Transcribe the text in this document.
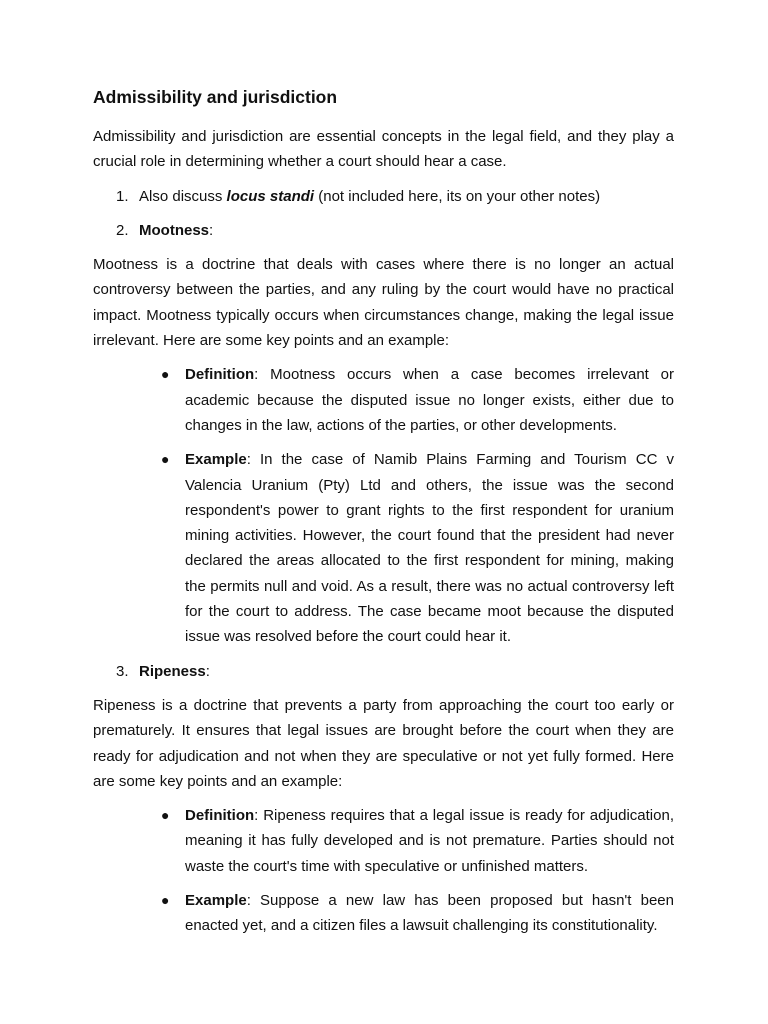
Admissibility and jurisdiction

Admissibility and jurisdiction are essential concepts in the legal field, and they play a crucial role in determining whether a court should hear a case.

1. Also discuss locus standi (not included here, its on your other notes)
2. Mootness:

Mootness is a doctrine that deals with cases where there is no longer an actual controversy between the parties, and any ruling by the court would have no practical impact. Mootness typically occurs when circumstances change, making the legal issue irrelevant. Here are some key points and an example:

● Definition: Mootness occurs when a case becomes irrelevant or academic because the disputed issue no longer exists, either due to changes in the law, actions of the parties, or other developments.
● Example: In the case of Namib Plains Farming and Tourism CC v Valencia Uranium (Pty) Ltd and others, the issue was the second respondent's power to grant rights to the first respondent for uranium mining activities. However, the court found that the president had never declared the areas allocated to the first respondent for mining, making the permits null and void. As a result, there was no actual controversy left for the court to address. The case became moot because the disputed issue was resolved before the court could hear it.
3. Ripeness:

Ripeness is a doctrine that prevents a party from approaching the court too early or prematurely. It ensures that legal issues are brought before the court when they are ready for adjudication and not when they are speculative or not yet fully formed. Here are some key points and an example:

● Definition: Ripeness requires that a legal issue is ready for adjudication, meaning it has fully developed and is not premature. Parties should not waste the court's time with speculative or unfinished matters.
● Example: Suppose a new law has been proposed but hasn't been enacted yet, and a citizen files a lawsuit challenging its constitutionality.
